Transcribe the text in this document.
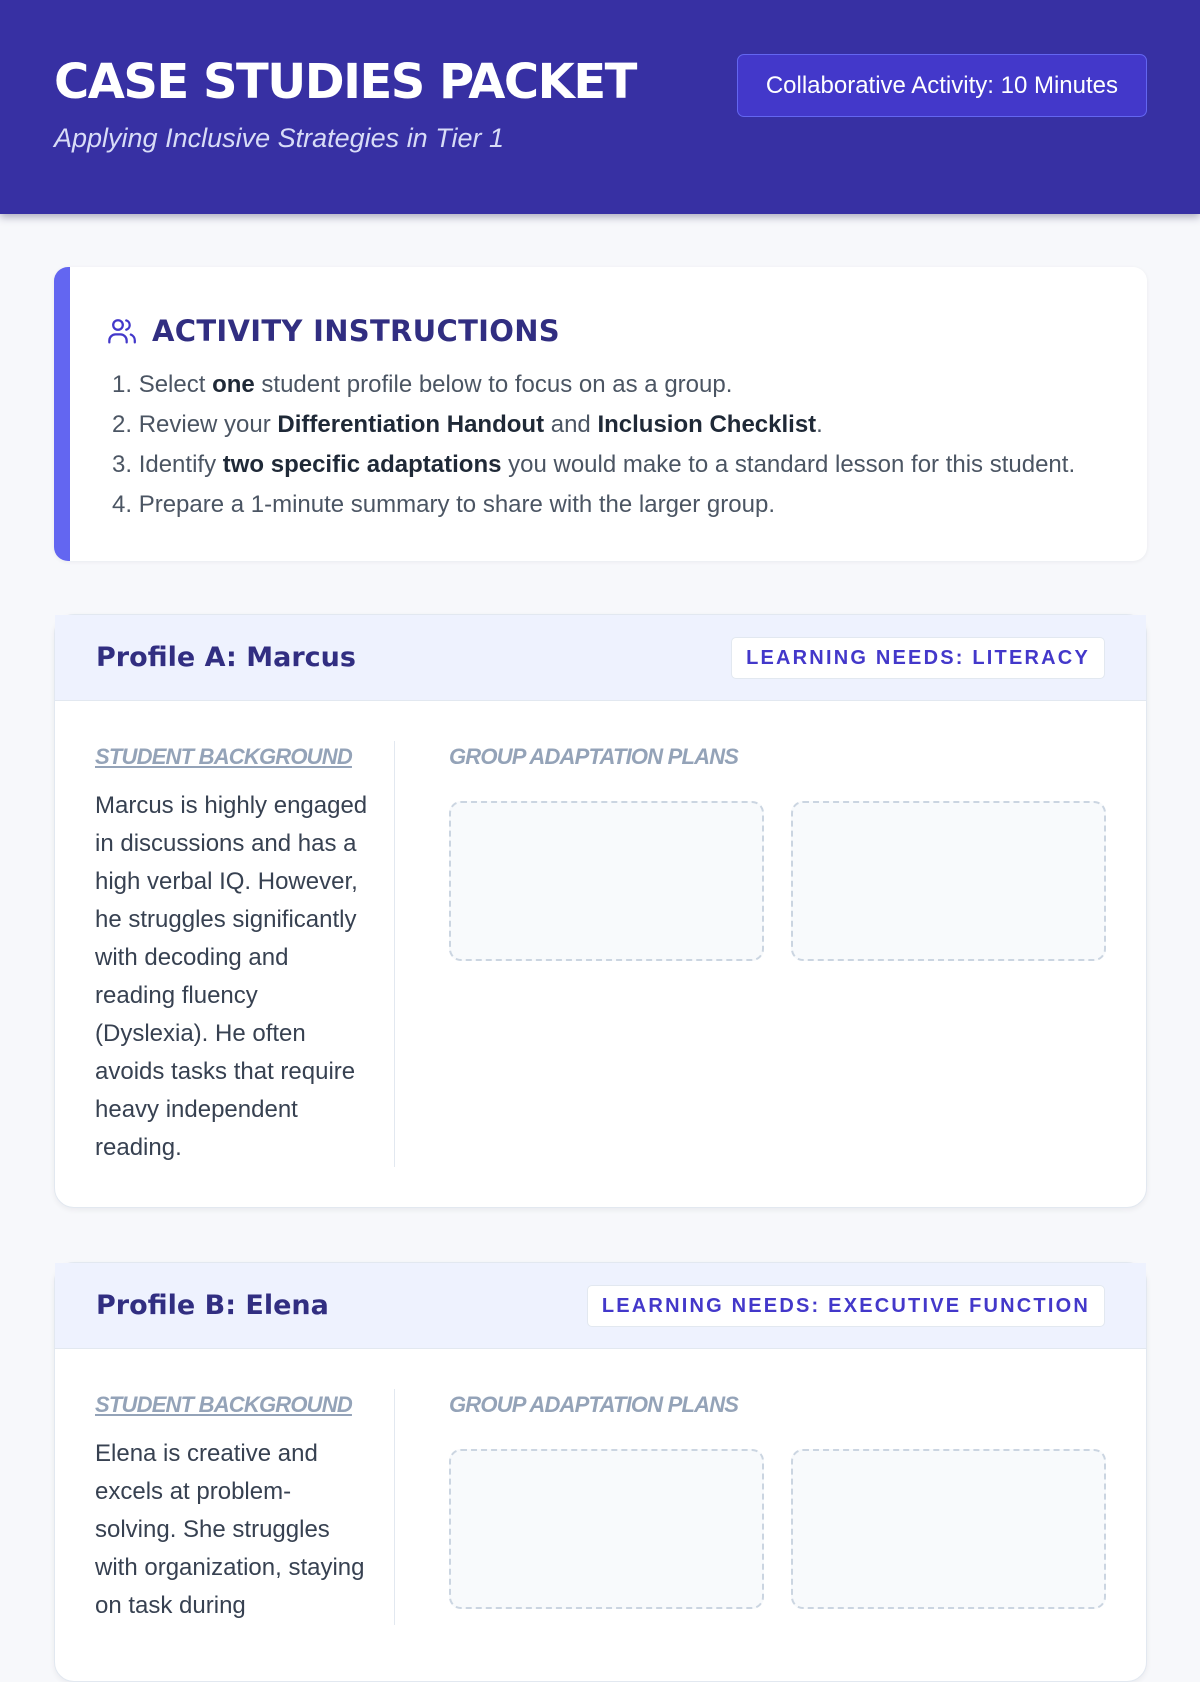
CASE STUDIES PACKET

Applying Inclusive Strategies in Tier 1

Collaborative Activity: 10 Minutes
ACTIVITY INSTRUCTIONS
1. Select one student profile below to focus on as a group.
2. Review your Differentiation Handout and Inclusion Checklist.
3. Identify two specific adaptations you would make to a standard lesson for this student.
4. Prepare a 1-minute summary to share with the larger group.
Profile A: Marcus	LEARNING NEEDS: LITERACY
STUDENT BACKGROUND

Marcus is highly engaged in discussions and has a high verbal IQ. However, he struggles significantly with decoding and reading fluency (Dyslexia). He often avoids tasks that require heavy independent reading.

GROUP ADAPTATION PLANS
Profile B: Elena	LEARNING NEEDS: EXECUTIVE FUNCTION
STUDENT BACKGROUND

Elena is creative and excels at problem-solving. She struggles with organization, staying on task during

GROUP ADAPTATION PLANS
